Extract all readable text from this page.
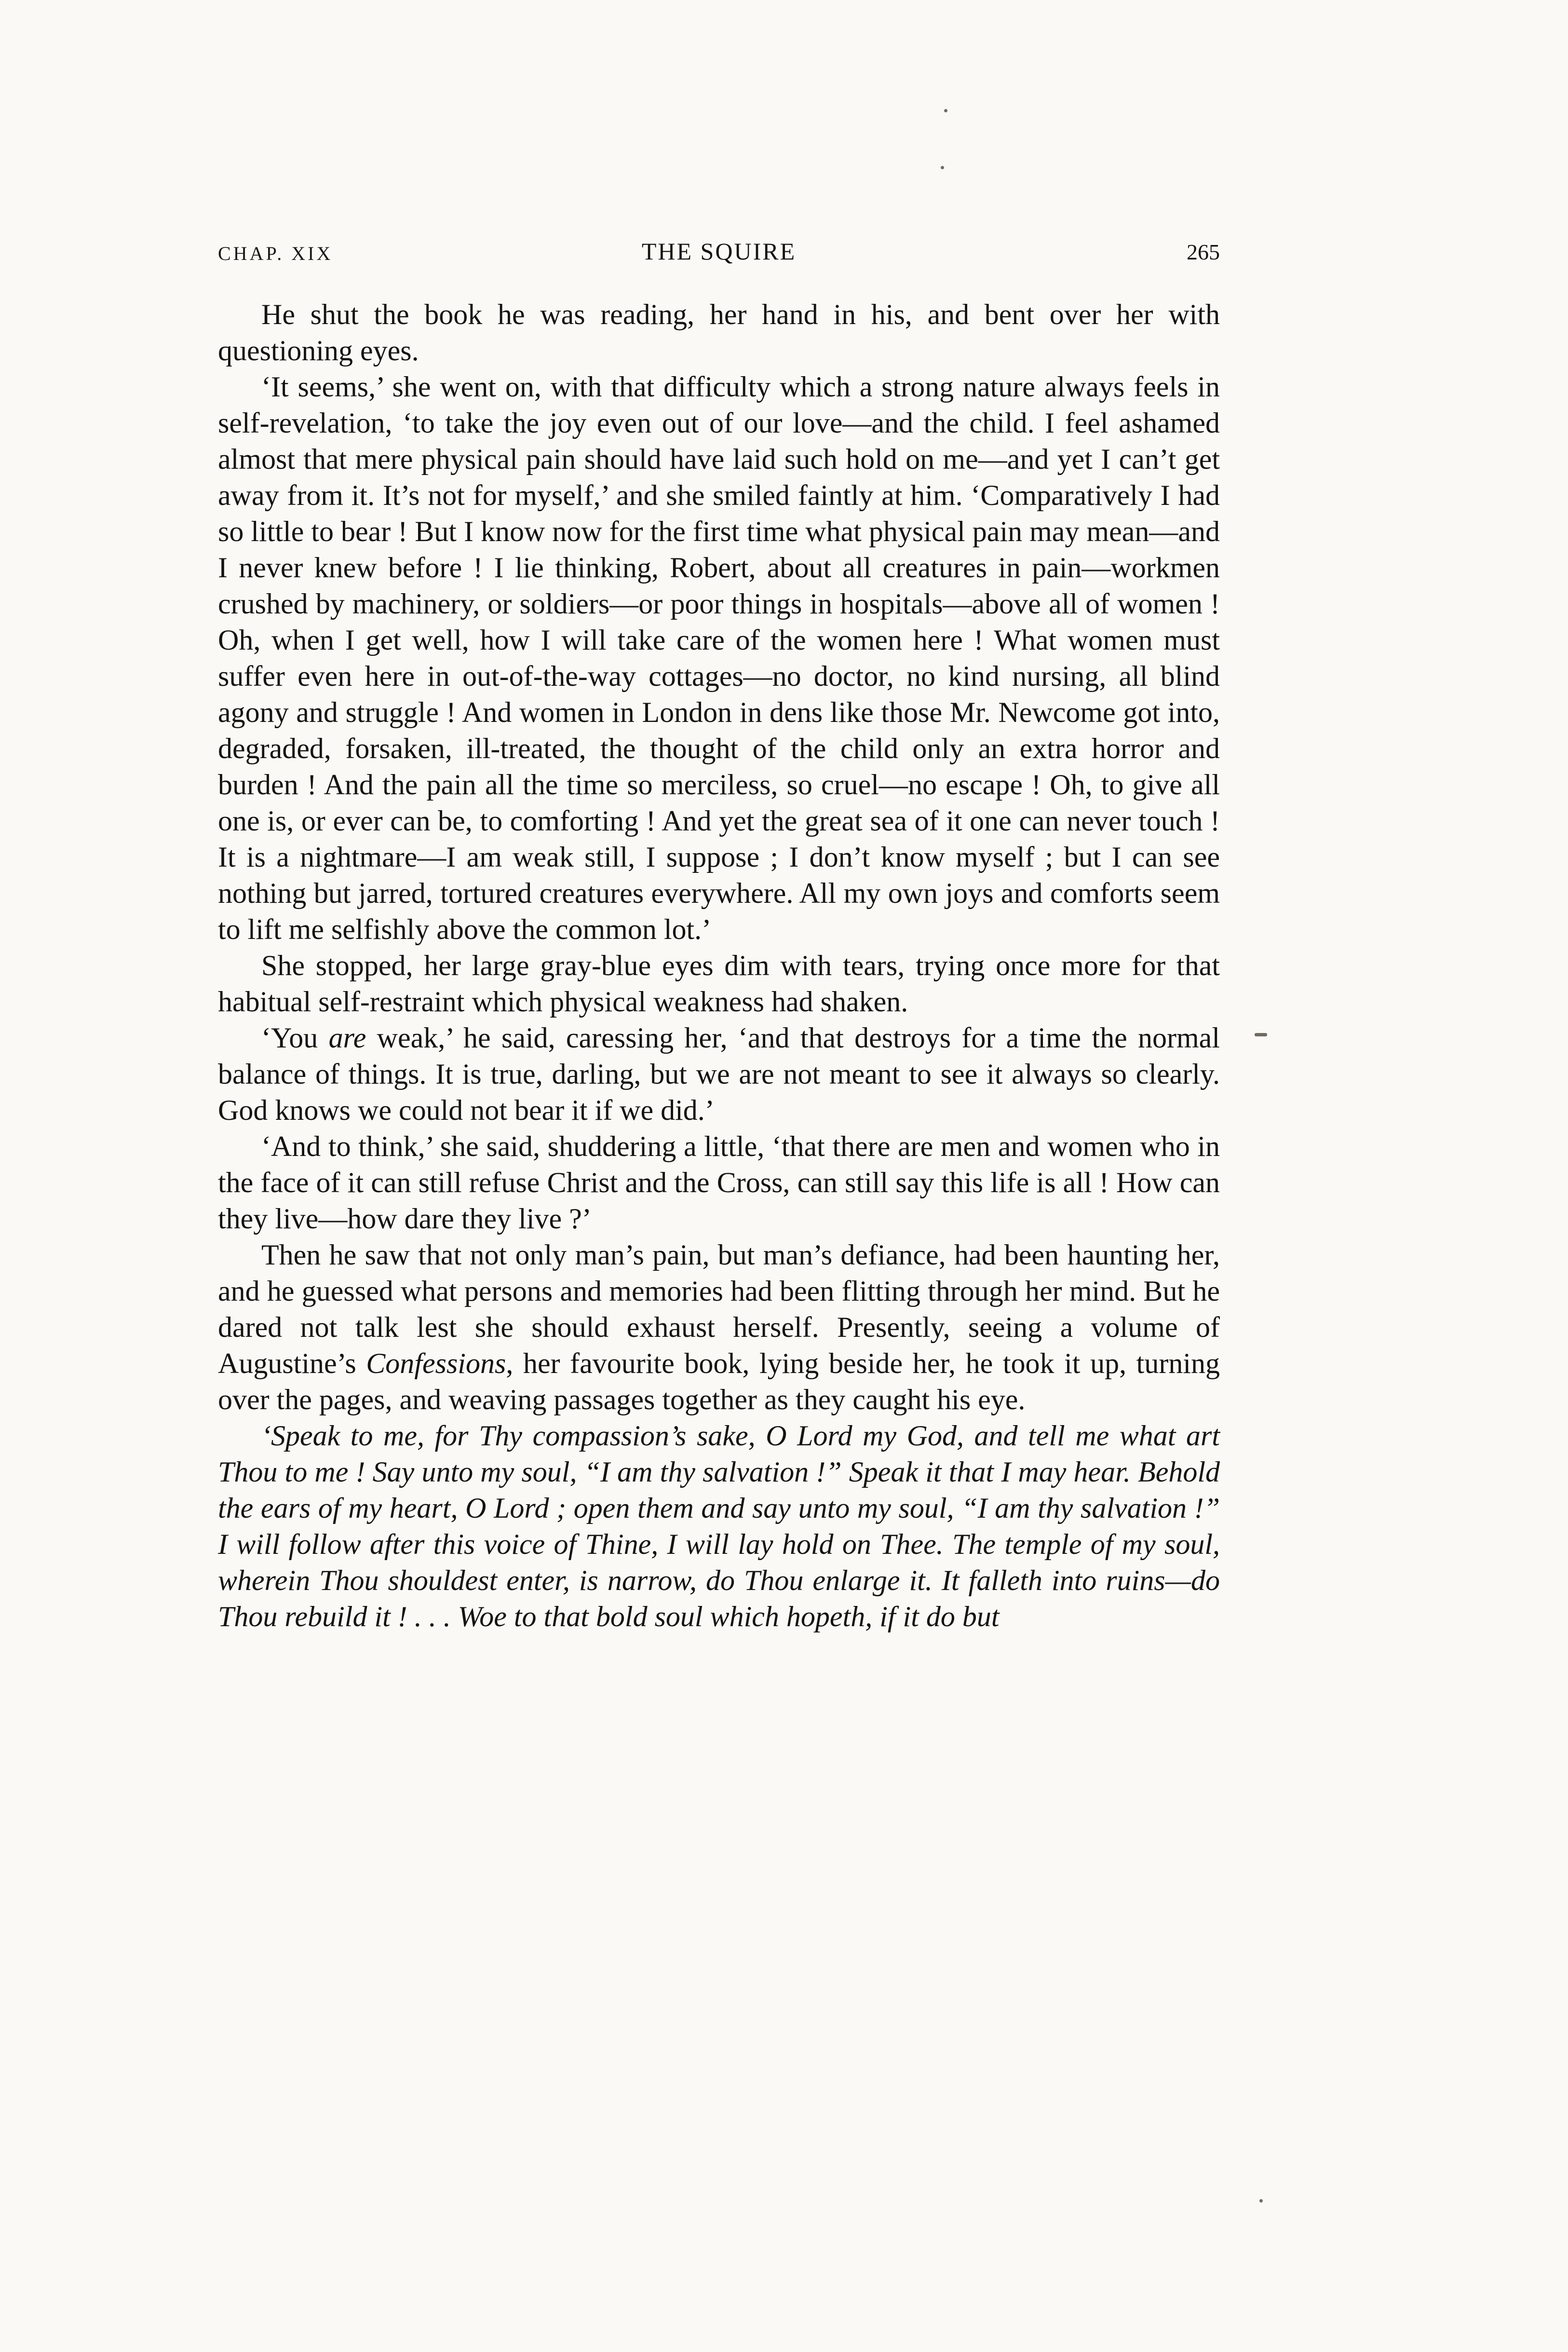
CHAP. XIX	THE SQUIRE	265

He shut the book he was reading, her hand in his, and bent over her with questioning eyes.

‘It seems,’ she went on, with that difficulty which a strong nature always feels in self-revelation, ‘to take the joy even out of our love—and the child. I feel ashamed almost that mere physical pain should have laid such hold on me—and yet I can’t get away from it. It’s not for myself,’ and she smiled faintly at him. ‘Comparatively I had so little to bear ! But I know now for the first time what physical pain may mean—and I never knew before ! I lie thinking, Robert, about all creatures in pain—workmen crushed by machinery, or soldiers—or poor things in hospitals—above all of women ! Oh, when I get well, how I will take care of the women here ! What women must suffer even here in out-of-the-way cottages—no doctor, no kind nursing, all blind agony and struggle ! And women in London in dens like those Mr. Newcome got into, degraded, forsaken, ill-treated, the thought of the child only an extra horror and burden ! And the pain all the time so merciless, so cruel—no escape ! Oh, to give all one is, or ever can be, to comforting ! And yet the great sea of it one can never touch ! It is a nightmare—I am weak still, I suppose ; I don’t know myself ; but I can see nothing but jarred, tortured creatures everywhere. All my own joys and comforts seem to lift me selfishly above the common lot.’

She stopped, her large gray-blue eyes dim with tears, trying once more for that habitual self-restraint which physical weakness had shaken.

‘You are weak,’ he said, caressing her, ‘and that destroys for a time the normal balance of things. It is true, darling, but we are not meant to see it always so clearly. God knows we could not bear it if we did.’

‘And to think,’ she said, shuddering a little, ‘that there are men and women who in the face of it can still refuse Christ and the Cross, can still say this life is all ! How can they live—how dare they live ?’

Then he saw that not only man’s pain, but man’s defiance, had been haunting her, and he guessed what persons and memories had been flitting through her mind. But he dared not talk lest she should exhaust herself. Presently, seeing a volume of Augustine’s Confessions, her favourite book, lying beside her, he took it up, turning over the pages, and weaving passages together as they caught his eye.

‘Speak to me, for Thy compassion’s sake, O Lord my God, and tell me what art Thou to me ! Say unto my soul, “I am thy salvation !” Speak it that I may hear. Behold the ears of my heart, O Lord ; open them and say unto my soul, “I am thy salvation !” I will follow after this voice of Thine, I will lay hold on Thee. The temple of my soul, wherein Thou shouldest enter, is narrow, do Thou enlarge it. It falleth into ruins—do Thou rebuild it ! . . . Woe to that bold soul which hopeth, if it do but
